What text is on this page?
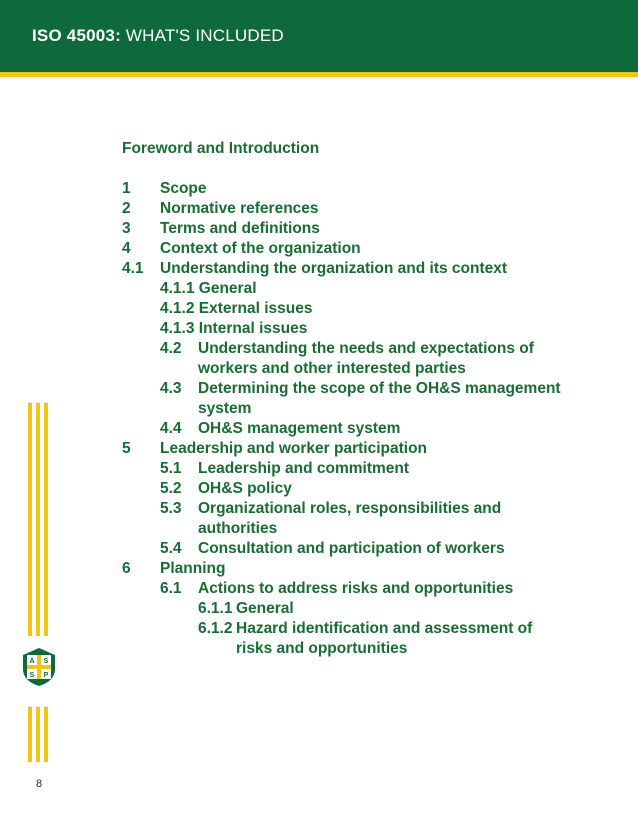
ISO 45003: WHAT'S INCLUDED
Foreword and Introduction
1 Scope
2 Normative references
3 Terms and definitions
4 Context of the organization
4.1 Understanding the organization and its context
4.1.1 General
4.1.2 External issues
4.1.3 Internal issues
4.2 Understanding the needs and expectations of
workers and other interested parties
4.3 Determining the scope of the OH&S management
system
4.4 OH&S management system
5 Leadership and worker participation
5.1 Leadership and commitment
5.2 OH&S policy
5.3 Organizational roles, responsibilities and
authorities
5.4 Consultation and participation of workers
6 Planning
6.1 Actions to address risks and opportunities
6.1.1 General
6.1.2 Hazard identification and assessment of
risks and opportunities
A S
S P
8
